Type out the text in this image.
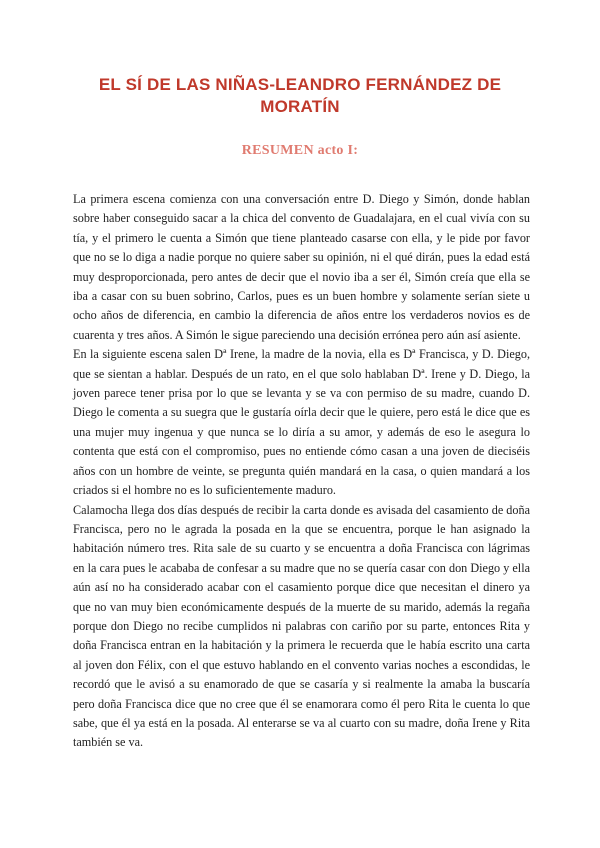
EL SÍ DE LAS NIÑAS-LEANDRO FERNÁNDEZ DE MORATÍN
RESUMEN acto I:

La primera escena comienza con una conversación entre D. Diego y Simón, donde hablan sobre haber conseguido sacar a la chica del convento de Guadalajara, en el cual vivía con su tía, y el primero le cuenta a Simón que tiene planteado casarse con ella, y le pide por favor que no se lo diga a nadie porque no quiere saber su opinión, ni el qué dirán, pues la edad está muy desproporcionada, pero antes de decir que el novio iba a ser él, Simón creía que ella se iba a casar con su buen sobrino, Carlos, pues es un buen hombre y solamente serían siete u ocho años de diferencia, en cambio la diferencia de años entre los verdaderos novios es de cuarenta y tres años. A Simón le sigue pareciendo una decisión errónea pero aún así asiente.

En la siguiente escena salen Dª Irene, la madre de la novia, ella es Dª Francisca, y D. Diego, que se sientan a hablar. Después de un rato, en el que solo hablaban Dª. Irene y D. Diego, la joven parece tener prisa por lo que se levanta y se va con permiso de su madre, cuando D. Diego le comenta a su suegra que le gustaría oírla decir que le quiere, pero está le dice que es una mujer muy ingenua y que nunca se lo diría a su amor, y además de eso le asegura lo contenta que está con el compromiso, pues no entiende cómo casan a una joven de dieciséis años con un hombre de veinte, se pregunta quién mandará en la casa, o quien mandará a los criados si el hombre no es lo suficientemente maduro.

Calamocha llega dos días después de recibir la carta donde es avisada del casamiento de doña Francisca, pero no le agrada la posada en la que se encuentra, porque le han asignado la habitación número tres. Rita sale de su cuarto y se encuentra a doña Francisca con lágrimas en la cara pues le acababa de confesar a su madre que no se quería casar con don Diego y ella aún así no ha considerado acabar con el casamiento porque dice que necesitan el dinero ya que no van muy bien económicamente después de la muerte de su marido, además la regaña porque don Diego no recibe cumplidos ni palabras con cariño por su parte, entonces Rita y doña Francisca entran en la habitación y la primera le recuerda que le había escrito una carta al joven don Félix, con el que estuvo hablando en el convento varias noches a escondidas, le recordó que le avisó a su enamorado de que se casaría y si realmente la amaba la buscaría pero doña Francisca dice que no cree que él se enamorara como él pero Rita le cuenta lo que sabe, que él ya está en la posada. Al enterarse se va al cuarto con su madre, doña Irene y Rita también se va.
